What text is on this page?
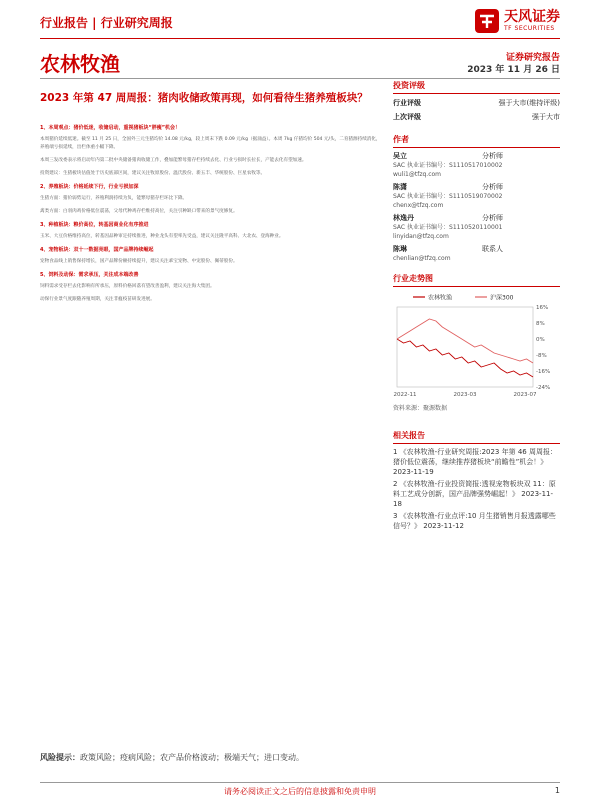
行业报告 | 行业研究周报	天风证券
TF SECURITIES
农林牧渔	证券研究报告
2023 年 11 月 26 日
2023 年第 47 周周报：猪肉收储政策再现，如何看待生猪养殖板块？
1、本周观点：猪价低迷，收储启动，重视猪板块“胖瘦”机会！

本周猪价延续低迷。截至 11 月 25 日，全国外三元生猪均价 14.08 元/kg，较上周末下跌 0.09 元/kg（据涌益）。本周 7kg 仔猪均价 504 元/头，二育猪源持续消化，养殖端亏损延续，出栏体重小幅下降。

本周三发改委表示将启动年内第二批中央储备猪肉收储工作，叠加能繁母猪存栏持续去化、行业亏损时长拉长，产能去化有望加速。

投资建议：生猪板块估值处于历史底部区间，建议关注牧原股份、温氏股份、新五丰、华统股份、巨星农牧等。

2、养殖板块：价格延续下行，行业亏损加深

生猪方面：猪价弱势运行，养殖利润持续为负，能繁母猪存栏环比下降。

禽类方面：白羽肉鸡价格低位震荡，父母代种鸡存栏维持高位，关注引种缺口带来的景气度修复。

3、种植板块：粮价高位，转基因商业化有序推进

玉米、大豆价格维持高位，转基因品种审定持续推进，种业龙头有望率先受益，建议关注隆平高科、大北农、登海种业。

4、宠物板块：双十一数据亮眼，国产品牌持续崛起

宠物食品线上销售保持增长，国产品牌份额持续提升，建议关注乖宝宠物、中宠股份、佩蒂股份。

5、饲料及动保：需求承压，关注成本端改善

饲料需求受存栏去化影响有所承压，原料价格回落有望改善盈利，建议关注海大集团。

动保行业景气度跟随养殖周期，关注非瘟疫苗研发进展。

风险提示：政策风险；疫病风险；农产品价格波动；极端天气；进口变动。
请务必阅读正文之后的信息披露和免责申明	1
投资评级
行业评级	强于大市(维持评级)
上次评级	强于大市
作者
吴立	分析师
SAC 执业证书编号：S1110517010002
wuli1@tfzq.com
陈潇	分析师
SAC 执业证书编号：S1110519070002
chenx@tfzq.com
林逸丹	分析师
SAC 执业证书编号：S1110520110001
linyidan@tfzq.com
陈琳	联系人
chenlian@tfzq.com
行业走势图
16%
8%
0%
-8%
-16%
-24%
2022-11	2023-03	2023-07
农林牧渔	沪深300
资料来源：聚源数据
相关报告
1 《农林牧渔-行业研究周报:2023 年第 46 周周报：猪价低位震荡，继续推荐猪板块“前瞻性”机会！》 2023-11-19
2 《农林牧渔-行业投资简报:透视宠物板块双 11：原料工艺成分创新，国产品牌强势崛起！》 2023-11-18
3 《农林牧渔-行业点评:10 月生猪销售月报透露哪些信号？》 2023-11-12
